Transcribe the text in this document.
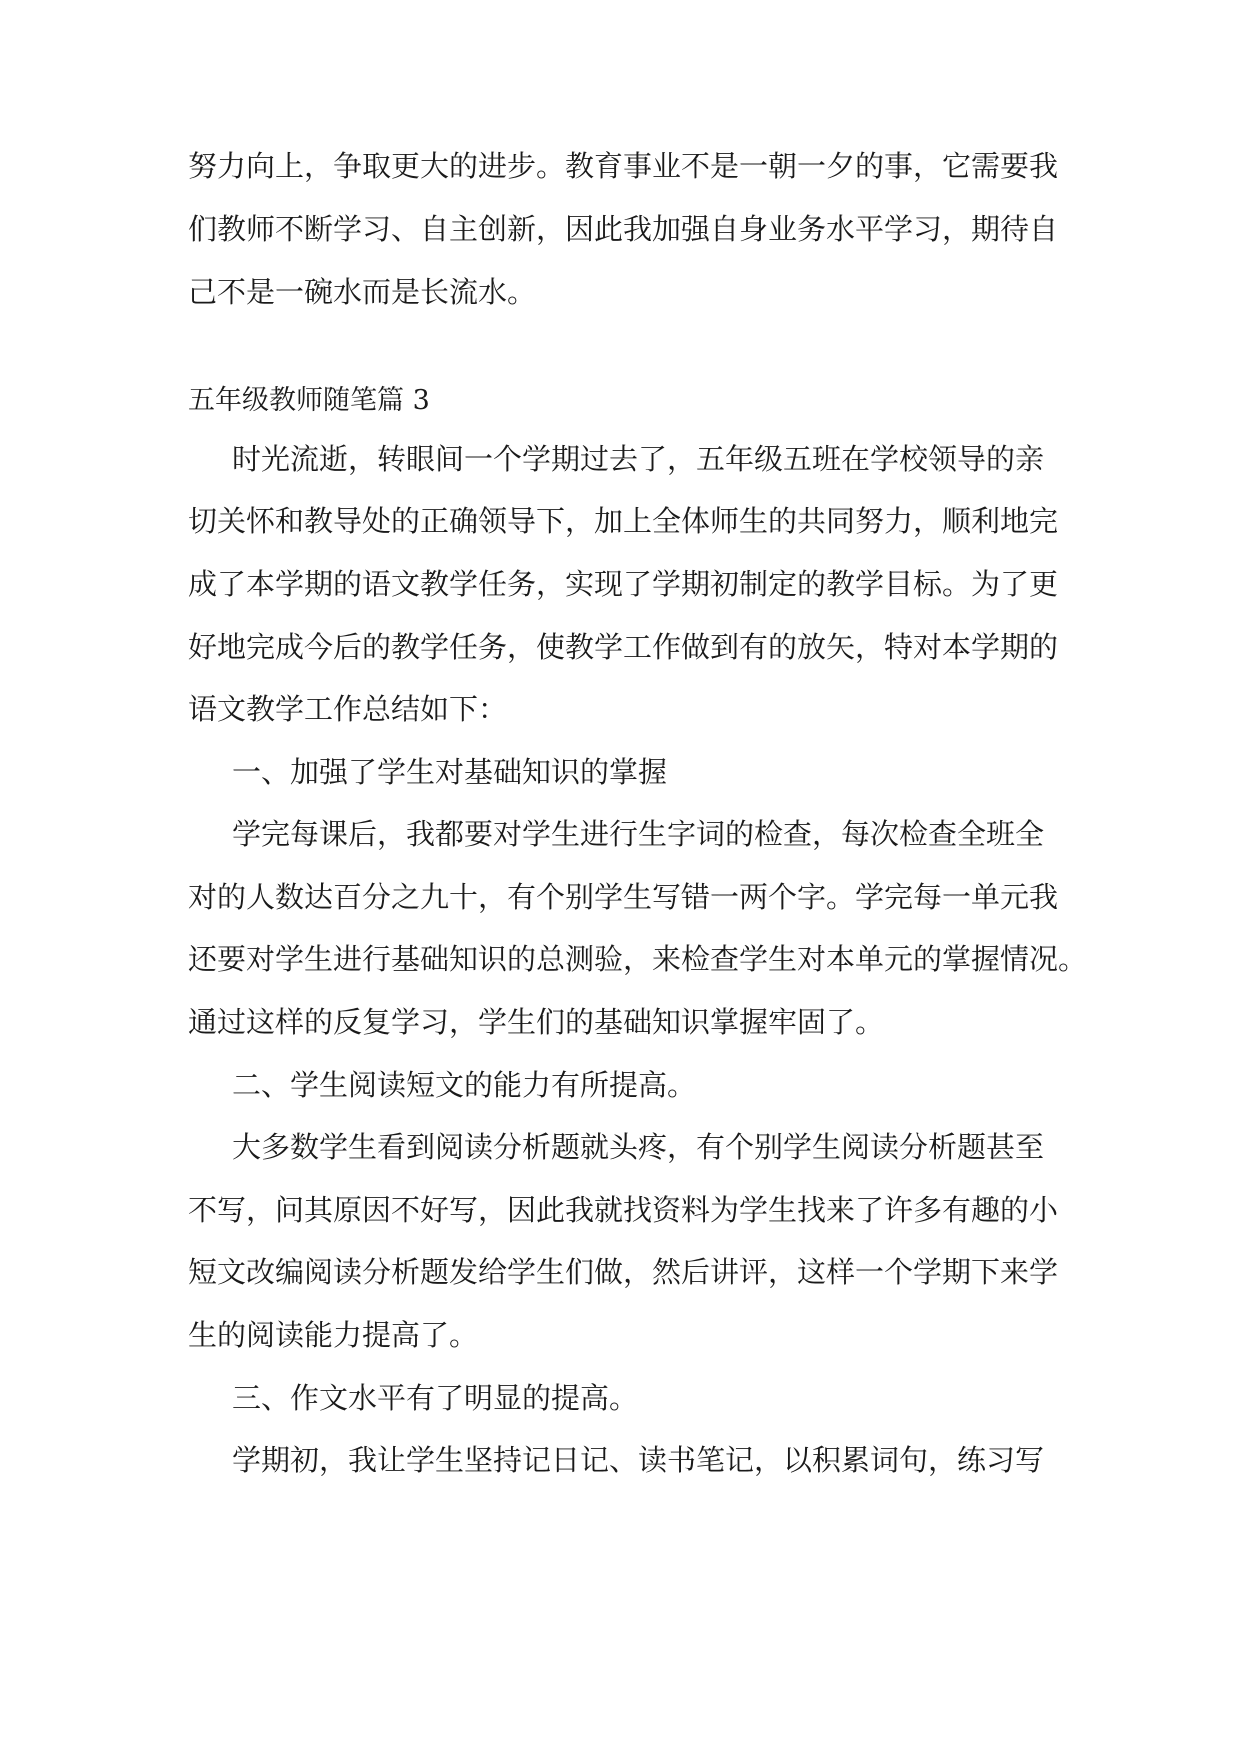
努力向上，争取更大的进步。教育事业不是一朝一夕的事，它需要我
们教师不断学习、自主创新，因此我加强自身业务水平学习，期待自
己不是一碗水而是长流水。
五年级教师随笔篇 3
时光流逝，转眼间一个学期过去了，五年级五班在学校领导的亲
切关怀和教导处的正确领导下，加上全体师生的共同努力，顺利地完
成了本学期的语文教学任务，实现了学期初制定的教学目标。为了更
好地完成今后的教学任务，使教学工作做到有的放矢，特对本学期的
语文教学工作总结如下：
一、加强了学生对基础知识的掌握
学完每课后，我都要对学生进行生字词的检查，每次检查全班全
对的人数达百分之九十，有个别学生写错一两个字。学完每一单元我
还要对学生进行基础知识的总测验，来检查学生对本单元的掌握情况。
通过这样的反复学习，学生们的基础知识掌握牢固了。
二、学生阅读短文的能力有所提高。
大多数学生看到阅读分析题就头疼，有个别学生阅读分析题甚至
不写，问其原因不好写，因此我就找资料为学生找来了许多有趣的小
短文改编阅读分析题发给学生们做，然后讲评，这样一个学期下来学
生的阅读能力提高了。
三、作文水平有了明显的提高。
学期初，我让学生坚持记日记、读书笔记，以积累词句，练习写
